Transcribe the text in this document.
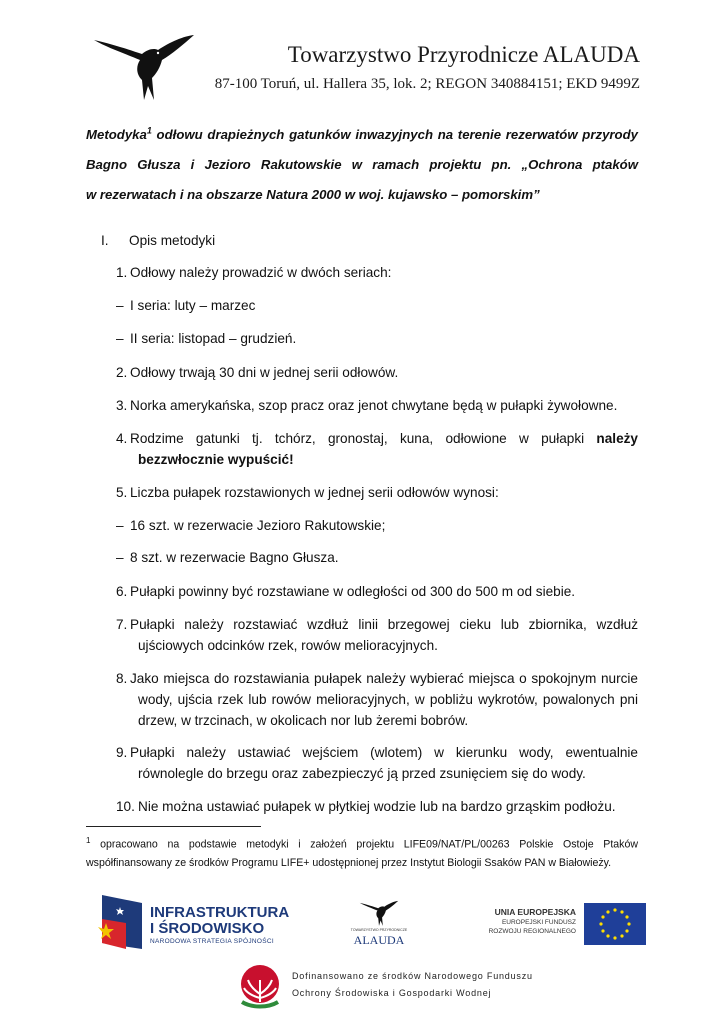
Towarzystwo Przyrodnicze ALAUDA
87-100 Toruń, ul. Hallera 35, lok. 2; REGON 340884151; EKD 9499Z
Metodyka$^1$ odłowu drapieżnych gatunków inwazyjnych na terenie rezerwatów przyrody
Bagno Głusza i Jezioro Rakutowskie w ramach projektu pn. „Ochrona ptaków
w rezerwatach i na obszarze Natura 2000 w woj. kujawsko – pomorskim”
I. Opis metodyki
1. Odłowy należy prowadzić w dwóch seriach:
– I seria: luty – marzec
– II seria: listopad – grudzień.
2. Odłowy trwają 30 dni w jednej serii odłowów.
3. Norka amerykańska, szop pracz oraz jenot chwytane będą w pułapki żywołowne.
4. Rodzime gatunki tj. tchórz, gronostaj, kuna, odłowione w pułapki należy
bezzwłocznie wypuścić!
5. Liczba pułapek rozstawionych w jednej serii odłowów wynosi:
– 16 szt. w rezerwacie Jezioro Rakutowskie;
– 8 szt. w rezerwacie Bagno Głusza.
6. Pułapki powinny być rozstawiane w odległości od 300 do 500 m od siebie.
7. Pułapki należy rozstawiać wzdłuż linii brzegowej cieku lub zbiornika, wzdłuż
ujściowych odcinków rzek, rowów melioracyjnych.
8. Jako miejsca do rozstawiania pułapek należy wybierać miejsca o spokojnym nurcie
wody, ujścia rzek lub rowów melioracyjnych, w pobliżu wykrotów, powalonych pni
drzew, w trzcinach, w okolicach nor lub żeremi bobrów.
9. Pułapki należy ustawiać wejściem (wlotem) w kierunku wody, ewentualnie
równolegle do brzegu oraz zabezpieczyć ją przed zsunięciem się do wody.
10. Nie można ustawiać pułapek w płytkiej wodzie lub na bardzo grząskim podłożu.
$^1$ opracowano na podstawie metodyki i założeń projektu LIFE09/NAT/PL/00263 Polskie Ostoje Ptaków
współfinansowany ze środków Programu LIFE+ udostępnionej przez Instytut Biologii Ssaków PAN w Białowieży.
INFRASTRUKTURA
I ŚRODOWISKO
NARODOWA STRATEGIA SPÓJNOŚCI
TOWARZYSTWO PRZYRODNICZE
ALAUDA
UNIA EUROPEJSKA
EUROPEJSKI FUNDUSZ
ROZWOJU REGIONALNEGO
Dofinansowano ze środków Narodowego Funduszu
Ochrony Środowiska i Gospodarki Wodnej
